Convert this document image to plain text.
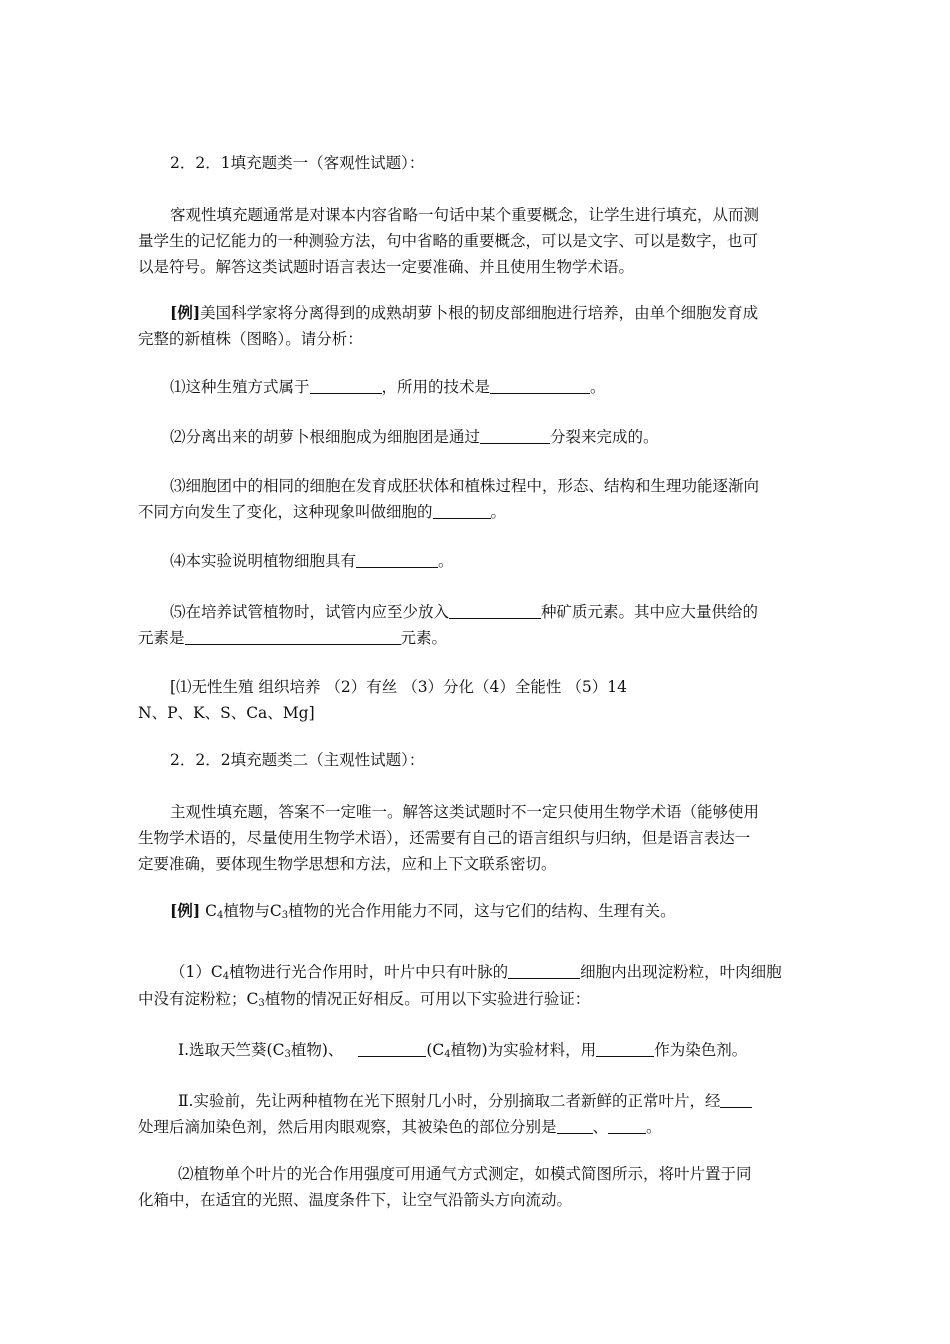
2．2．1填充题类一（客观性试题）：
客观性填充题通常是对课本内容省略一句话中某个重要概念，让学生进行填充，从而测
量学生的记忆能力的一种测验方法，句中省略的重要概念，可以是文字、可以是数字，也可
以是符号。解答这类试题时语言表达一定要准确、并且使用生物学术语。
[例]美国科学家将分离得到的成熟胡萝卜根的韧皮部细胞进行培养，由单个细胞发育成
完整的新植株（图略）。请分析：
⑴这种生殖方式属于	，所用的技术是	。
⑵分离出来的胡萝卜根细胞成为细胞团是通过	分裂来完成的。
⑶细胞团中的相同的细胞在发育成胚状体和植株过程中，形态、结构和生理功能逐渐向
不同方向发生了变化，这种现象叫做细胞的	。
⑷本实验说明植物细胞具有	。
⑸在培养试管植物时，试管内应至少放入	种矿质元素。其中应大量供给的
元素是	元素。
[⑴无性生殖 组织培养 （2）有丝 （3）分化（4）全能性 （5）14
N、P、K、S、Ca、Mg]
2．2．2填充题类二（主观性试题）：
主观性填充题，答案不一定唯一。解答这类试题时不一定只使用生物学术语（能够使用
生物学术语的，尽量使用生物学术语），还需要有自己的语言组织与归纳，但是语言表达一
定要准确，要体现生物学思想和方法，应和上下文联系密切。
[例] $C_4$植物与$C_3$植物的光合作用能力不同，这与它们的结构、生理有关。
$(1)C_4$植物进行光合作用时，叶片中只有叶脉的	细胞内出现淀粉粒，叶肉细胞
中没有淀粉粒；$C_3$植物的情况正好相反。可用以下实验进行验证：
Ⅰ.选取天竺葵($C_3$植物)、	($C_4$植物)为实验材料，用	作为染色剂。
Ⅱ.实验前，先让两种植物在光下照射几小时，分别摘取二者新鲜的正常叶片，经
处理后滴加染色剂，然后用肉眼观察，其被染色的部位分别是 、 。
⑵植物单个叶片的光合作用强度可用通气方式测定，如模式简图所示，将叶片置于同
化箱中，在适宜的光照、温度条件下，让空气沿箭头方向流动。
